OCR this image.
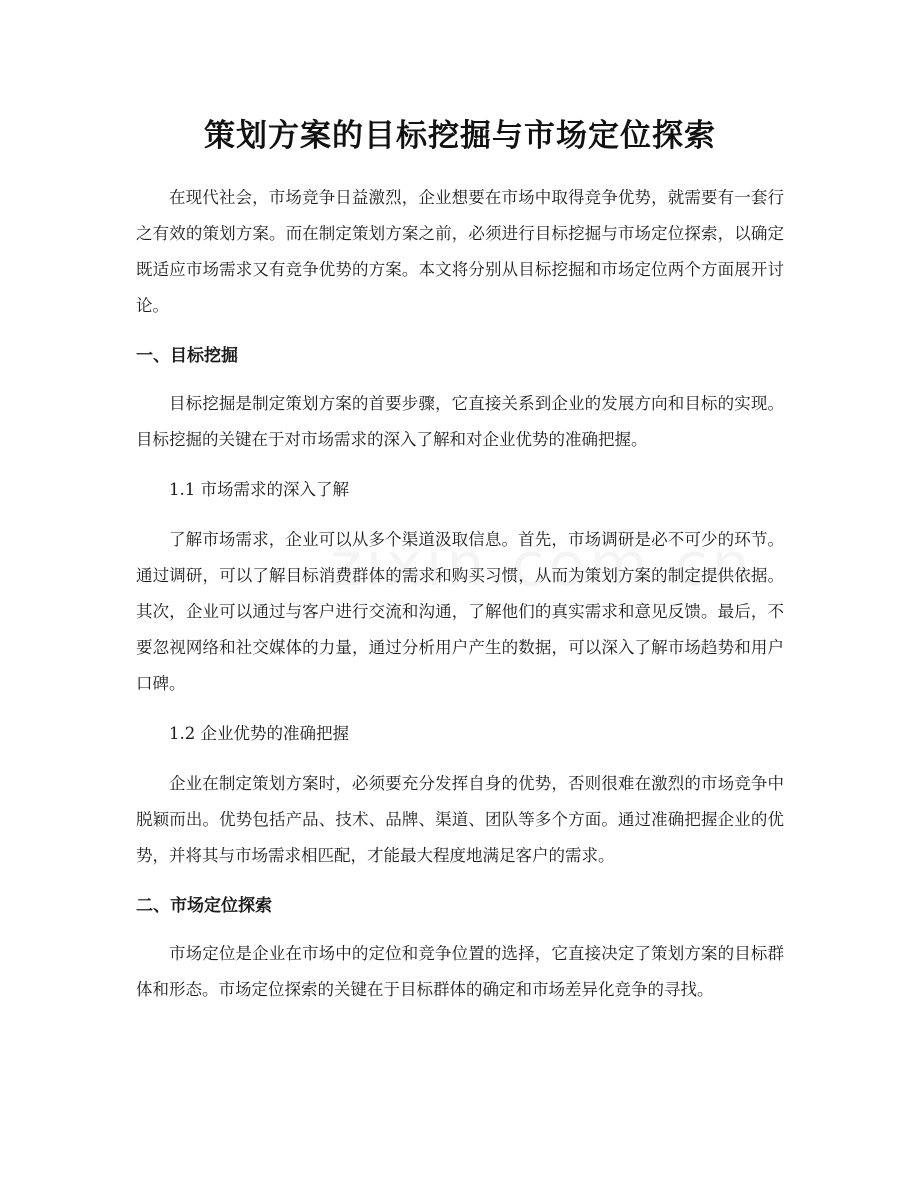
策划方案的目标挖掘与市场定位探索

在现代社会，市场竞争日益激烈，企业想要在市场中取得竞争优势，就需要有一套行之有效的策划方案。而在制定策划方案之前，必须进行目标挖掘与市场定位探索，以确定既适应市场需求又有竞争优势的方案。本文将分别从目标挖掘和市场定位两个方面展开讨论。

一、目标挖掘

目标挖掘是制定策划方案的首要步骤，它直接关系到企业的发展方向和目标的实现。目标挖掘的关键在于对市场需求的深入了解和对企业优势的准确把握。

1.1 市场需求的深入了解

了解市场需求，企业可以从多个渠道汲取信息。首先，市场调研是必不可少的环节。通过调研，可以了解目标消费群体的需求和购买习惯，从而为策划方案的制定提供依据。其次，企业可以通过与客户进行交流和沟通，了解他们的真实需求和意见反馈。最后，不要忽视网络和社交媒体的力量，通过分析用户产生的数据，可以深入了解市场趋势和用户口碑。

1.2 企业优势的准确把握

企业在制定策划方案时，必须要充分发挥自身的优势，否则很难在激烈的市场竞争中脱颖而出。优势包括产品、技术、品牌、渠道、团队等多个方面。通过准确把握企业的优势，并将其与市场需求相匹配，才能最大程度地满足客户的需求。

二、市场定位探索

市场定位是企业在市场中的定位和竞争位置的选择，它直接决定了策划方案的目标群体和形态。市场定位探索的关键在于目标群体的确定和市场差异化竞争的寻找。
